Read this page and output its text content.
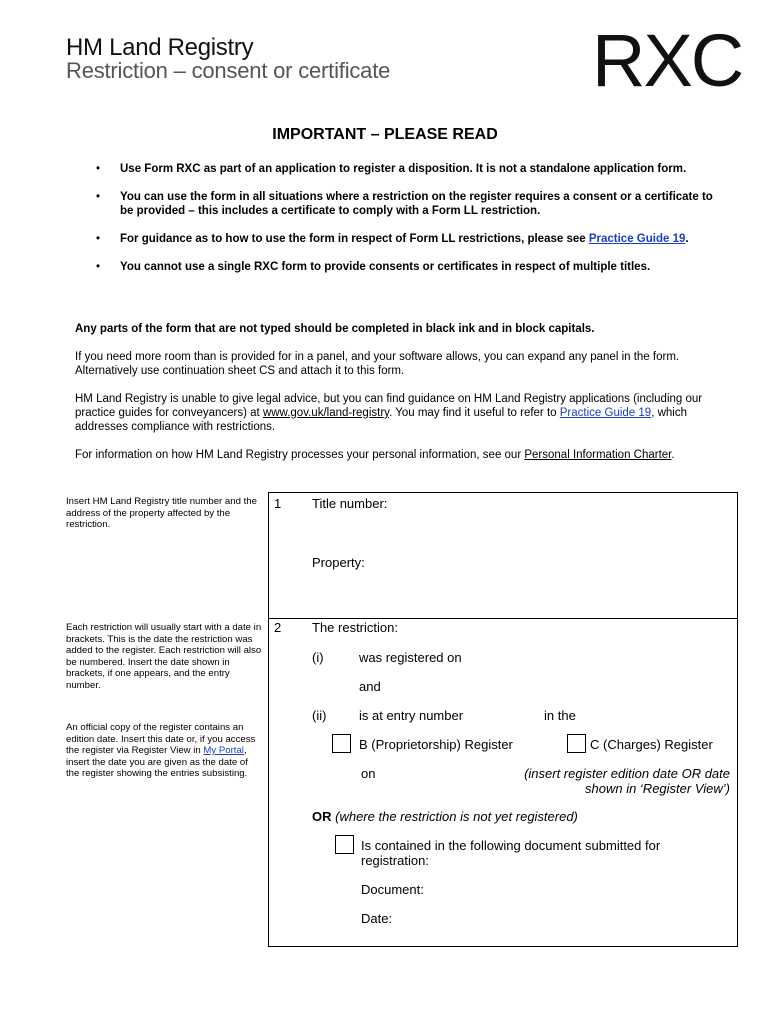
HM Land Registry
Restriction – consent or certificate	RXC
IMPORTANT – PLEASE READ
• Use Form RXC as part of an application to register a disposition. It is not a standalone application form.
• You can use the form in all situations where a restriction on the register requires a consent or a certificate to be provided – this includes a certificate to comply with a Form LL restriction.
• For guidance as to how to use the form in respect of Form LL restrictions, please see Practice Guide 19.
• You cannot use a single RXC form to provide consents or certificates in respect of multiple titles.
Any parts of the form that are not typed should be completed in black ink and in block capitals.
If you need more room than is provided for in a panel, and your software allows, you can expand any panel in the form. Alternatively use continuation sheet CS and attach it to this form.
HM Land Registry is unable to give legal advice, but you can find guidance on HM Land Registry applications (including our practice guides for conveyancers) at www.gov.uk/land-registry. You may find it useful to refer to Practice Guide 19, which addresses compliance with restrictions.
For information on how HM Land Registry processes your personal information, see our Personal Information Charter.
Insert HM Land Registry title number and the address of the property affected by the restriction.
Each restriction will usually start with a date in brackets. This is the date the restriction was added to the register. Each restriction will also be numbered. Insert the date shown in brackets, if one appears, and the entry number.
An official copy of the register contains an edition date. Insert this date or, if you access the register via Register View in My Portal, insert the date you are given as the date of the register showing the entries subsisting.
1 Title number:
Property:
2 The restriction:
(i)	was registered on
and
(ii)	is at entry number	in the
B (Proprietorship) Register	C (Charges) Register
on	(insert register edition date OR date shown in ‘Register View’)
OR (where the restriction is not yet registered)
Is contained in the following document submitted for registration:
Document:
Date:
